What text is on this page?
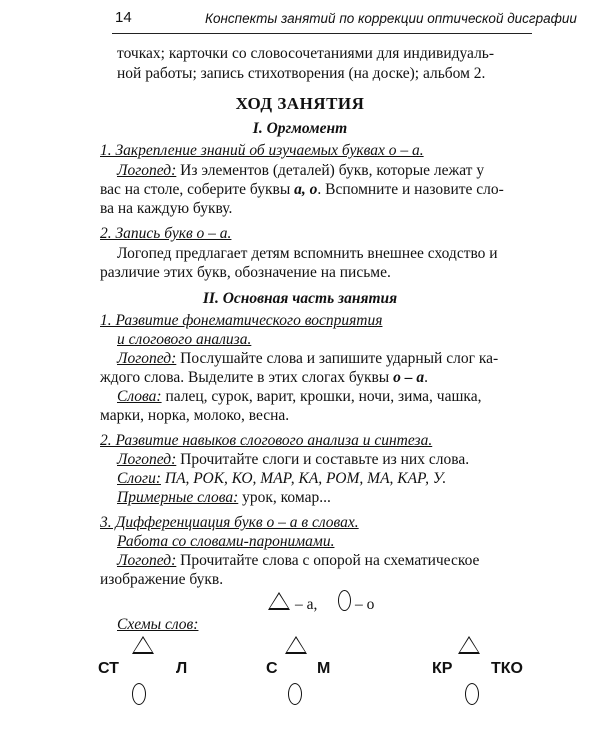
14	Конспекты занятий по коррекции оптической дисграфии
точках; карточки со словосочетаниями для индивидуаль-
ной работы; запись стихотворения (на доске); альбом 2.
ХОД ЗАНЯТИЯ
I. Оргмомент
1. Закрепление знаний об изучаемых буквах о – а.
Логопед: Из элементов (деталей) букв, которые лежат у
вас на столе, соберите буквы а, о. Вспомните и назовите сло-
ва на каждую букву.
2. Запись букв о – а.
Логопед предлагает детям вспомнить внешнее сходство и
различие этих букв, обозначение на письме.
II. Основная часть занятия
1. Развитие фонематического восприятия
и слогового анализа.
Логопед: Послушайте слова и запишите ударный слог ка-
ждого слова. Выделите в этих слогах буквы о – а.
Слова: палец, сурок, варит, крошки, ночи, зима, чашка,
марки, норка, молоко, весна.
2. Развитие навыков слогового анализа и синтеза.
Логопед: Прочитайте слоги и составьте из них слова.
Слоги: ПА, РОК, КО, МАР, КА, РОМ, МА, КАР, У.
Примерные слова: урок, комар...
3. Дифференциация букв о – а в словах.
Работа со словами-паронимами.
Логопед: Прочитайте слова с опорой на схематическое
изображение букв.
– а, – о
Схемы слов:
СТ	Л	С М	КР ТКО
